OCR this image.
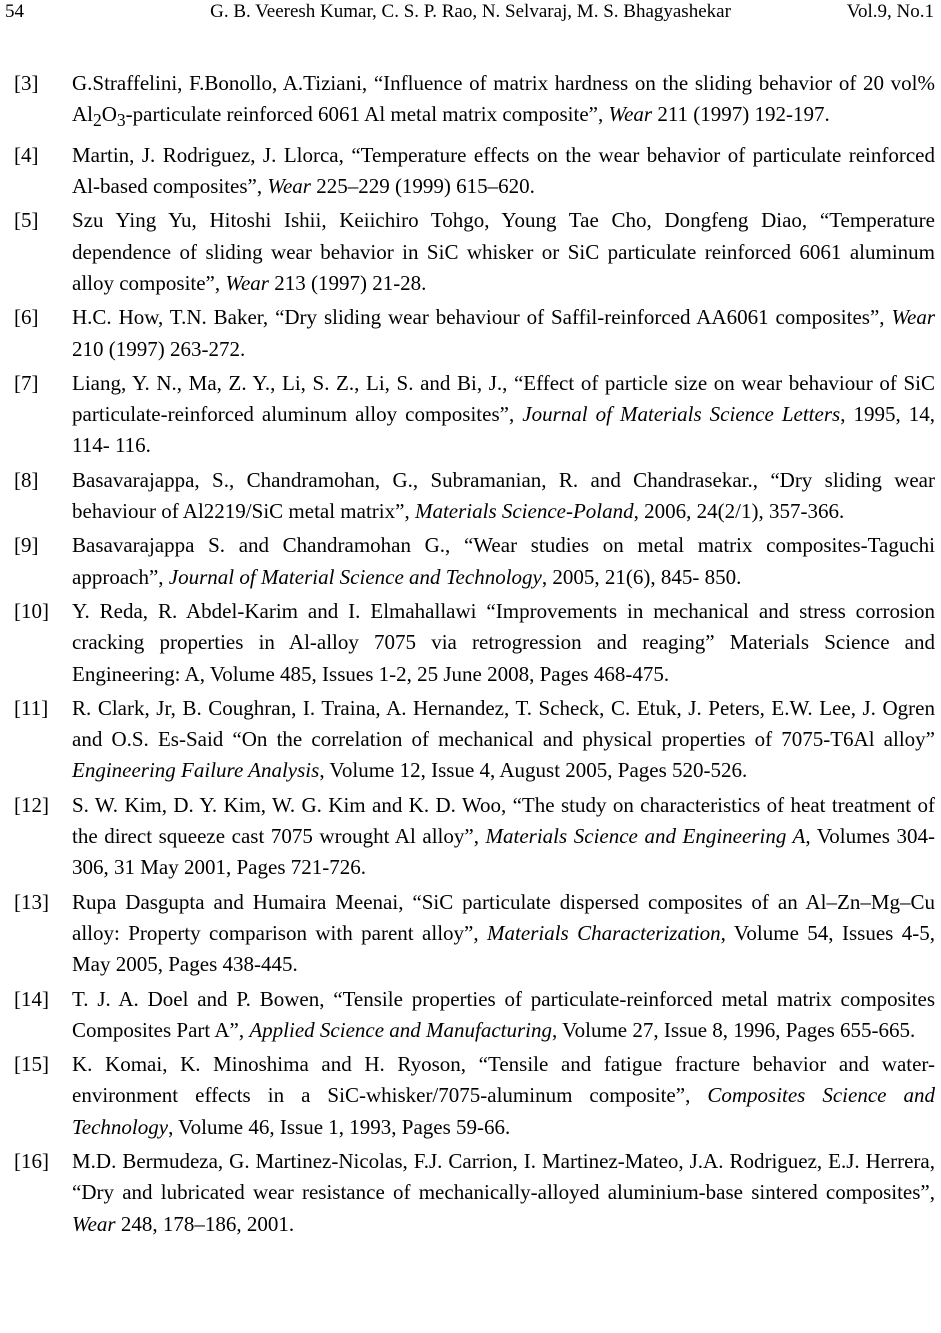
54	G. B. Veeresh Kumar, C. S. P. Rao, N. Selvaraj, M. S. Bhagyashekar	Vol.9, No.1
[3] G.Straffelini, F.Bonollo, A.Tiziani, “Influence of matrix hardness on the sliding behavior of 20 vol% $Al_2O_3$-particulate reinforced 6061 Al metal matrix composite”, Wear 211 (1997) 192-197.
[4] Martin, J. Rodriguez, J. Llorca, “Temperature effects on the wear behavior of particulate reinforced Al-based composites”, Wear 225–229 (1999) 615–620.
[5] Szu Ying Yu, Hitoshi Ishii, Keiichiro Tohgo, Young Tae Cho, Dongfeng Diao, “Temperature dependence of sliding wear behavior in SiC whisker or SiC particulate reinforced 6061 aluminum alloy composite”, Wear 213 (1997) 21-28.
[6] H.C. How, T.N. Baker, “Dry sliding wear behaviour of Saffil-reinforced AA6061 composites”, Wear 210 (1997) 263-272.
[7] Liang, Y. N., Ma, Z. Y., Li, S. Z., Li, S. and Bi, J., “Effect of particle size on wear behaviour of SiC particulate-reinforced aluminum alloy composites”, Journal of Materials Science Letters, 1995, 14, 114- 116.
[8] Basavarajappa, S., Chandramohan, G., Subramanian, R. and Chandrasekar., “Dry sliding wear behaviour of Al2219/SiC metal matrix”, Materials Science-Poland, 2006, 24(2/1), 357-366.
[9] Basavarajappa S. and Chandramohan G., “Wear studies on metal matrix composites-Taguchi approach”, Journal of Material Science and Technology, 2005, 21(6), 845- 850.
[10] Y. Reda, R. Abdel-Karim and I. Elmahallawi “Improvements in mechanical and stress corrosion cracking properties in Al-alloy 7075 via retrogression and reaging” Materials Science and Engineering: A, Volume 485, Issues 1-2, 25 June 2008, Pages 468-475.
[11] R. Clark, Jr, B. Coughran, I. Traina, A. Hernandez, T. Scheck, C. Etuk, J. Peters, E.W. Lee, J. Ogren and O.S. Es-Said “On the correlation of mechanical and physical properties of 7075-T6Al alloy” Engineering Failure Analysis, Volume 12, Issue 4, August 2005, Pages 520-526.
[12] S. W. Kim, D. Y. Kim, W. G. Kim and K. D. Woo, “The study on characteristics of heat treatment of the direct squeeze cast 7075 wrought Al alloy”, Materials Science and Engineering A, Volumes 304-306, 31 May 2001, Pages 721-726.
[13] Rupa Dasgupta and Humaira Meenai, “SiC particulate dispersed composites of an Al–Zn–Mg–Cu alloy: Property comparison with parent alloy”, Materials Characterization, Volume 54, Issues 4-5, May 2005, Pages 438-445.
[14] T. J. A. Doel and P. Bowen, “Tensile properties of particulate-reinforced metal matrix composites Composites Part A”, Applied Science and Manufacturing, Volume 27, Issue 8, 1996, Pages 655-665.
[15] K. Komai, K. Minoshima and H. Ryoson, “Tensile and fatigue fracture behavior and water-environment effects in a SiC-whisker/7075-aluminum composite”, Composites Science and Technology, Volume 46, Issue 1, 1993, Pages 59-66.
[16] M.D. Bermudeza, G. Martinez-Nicolas, F.J. Carrion, I. Martinez-Mateo, J.A. Rodriguez, E.J. Herrera, “Dry and lubricated wear resistance of mechanically-alloyed aluminium-base sintered composites”, Wear 248, 178–186, 2001.
